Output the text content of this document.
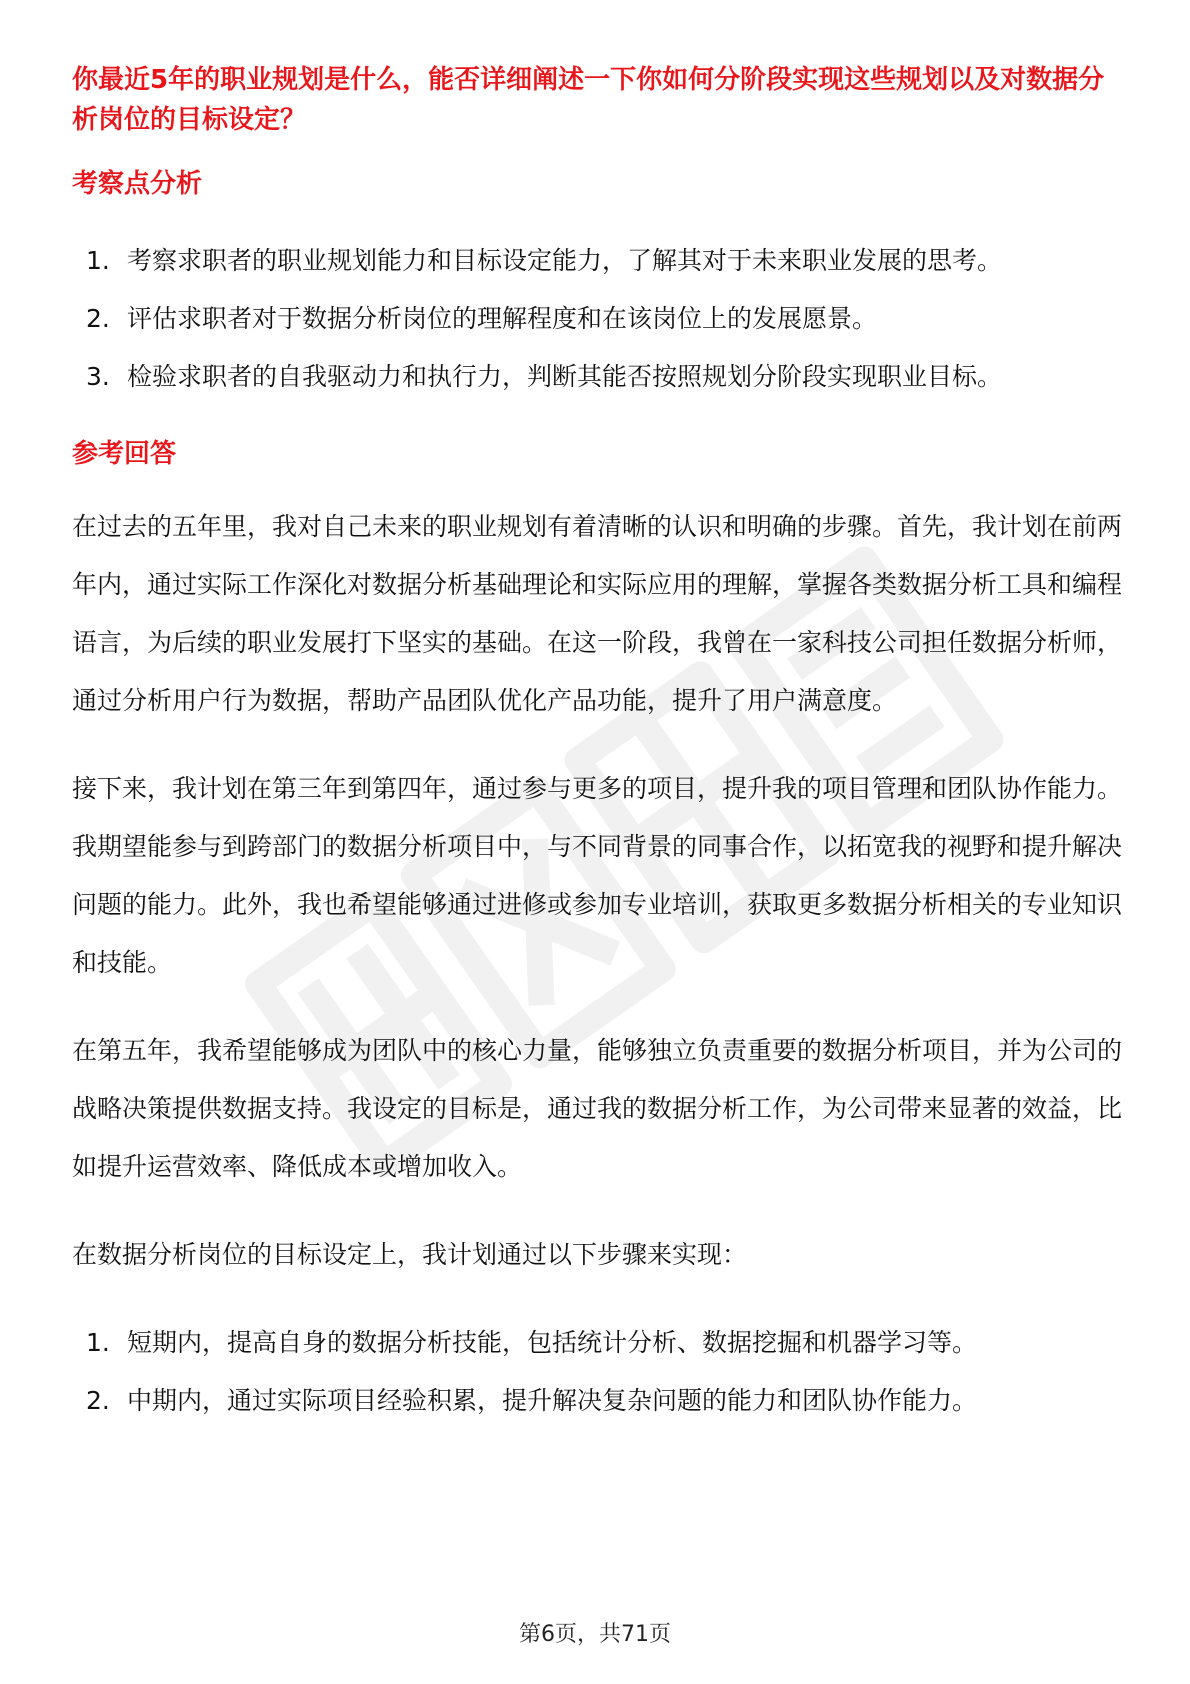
你最近5年的职业规划是什么，能否详细阐述一下你如何分阶段实现这些规划以及对数据分析岗位的目标设定？

考察点分析

1. 考察求职者的职业规划能力和目标设定能力，了解其对于未来职业发展的思考。
2. 评估求职者对于数据分析岗位的理解程度和在该岗位上的发展愿景。
3. 检验求职者的自我驱动力和执行力，判断其能否按照规划分阶段实现职业目标。

参考回答

在过去的五年里，我对自己未来的职业规划有着清晰的认识和明确的步骤。首先，我计划在前两年内，通过实际工作深化对数据分析基础理论和实际应用的理解，掌握各类数据分析工具和编程语言，为后续的职业发展打下坚实的基础。在这一阶段，我曾在一家科技公司担任数据分析师，通过分析用户行为数据，帮助产品团队优化产品功能，提升了用户满意度。

接下来，我计划在第三年到第四年，通过参与更多的项目，提升我的项目管理和团队协作能力。我期望能参与到跨部门的数据分析项目中，与不同背景的同事合作，以拓宽我的视野和提升解决问题的能力。此外，我也希望能够通过进修或参加专业培训，获取更多数据分析相关的专业知识和技能。

在第五年，我希望能够成为团队中的核心力量，能够独立负责重要的数据分析项目，并为公司的战略决策提供数据支持。我设定的目标是，通过我的数据分析工作，为公司带来显著的效益，比如提升运营效率、降低成本或增加收入。

在数据分析岗位的目标设定上，我计划通过以下步骤来实现：

1. 短期内，提高自身的数据分析技能，包括统计分析、数据挖掘和机器学习等。
2. 中期内，通过实际项目经验积累，提升解决复杂问题的能力和团队协作能力。
第6页，共71页
